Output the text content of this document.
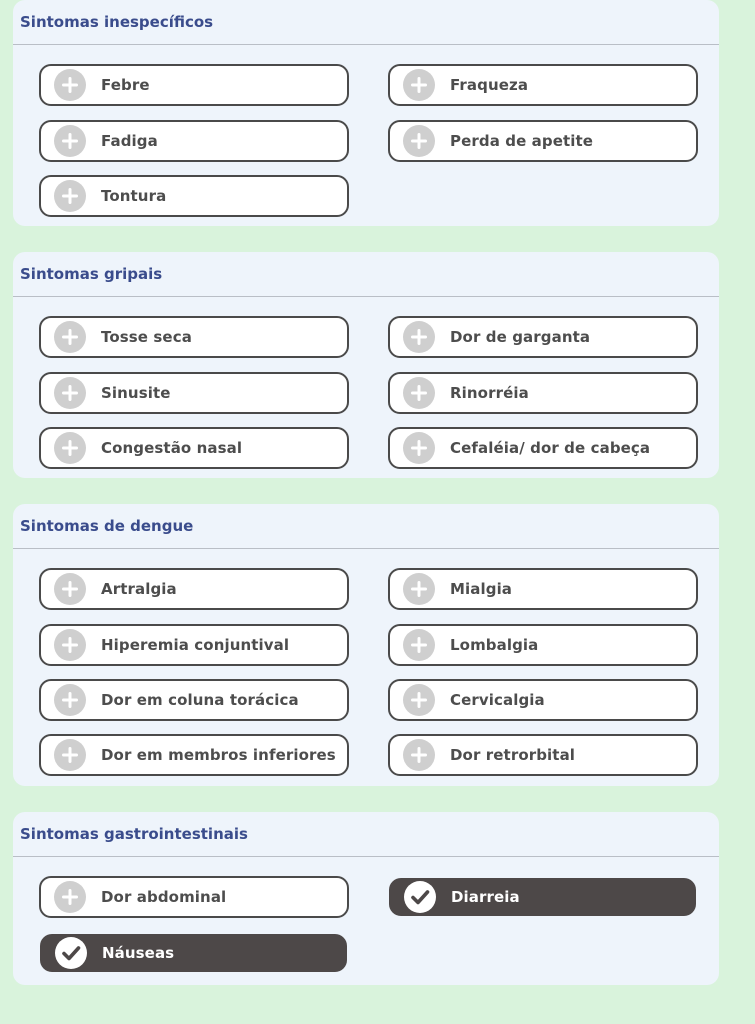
Sintomas inespecíficos
Febre	Fraqueza
Fadiga	Perda de apetite
Tontura
Sintomas gripais
Tosse seca	Dor de garganta
Sinusite	Rinorréia
Congestão nasal	Cefaléia/ dor de cabeça
Sintomas de dengue
Artralgia	Mialgia
Hiperemia conjuntival	Lombalgia
Dor em coluna torácica	Cervicalgia
Dor em membros inferiores	Dor retrorbital
Sintomas gastrointestinais
Dor abdominal	Diarreia
Náuseas
